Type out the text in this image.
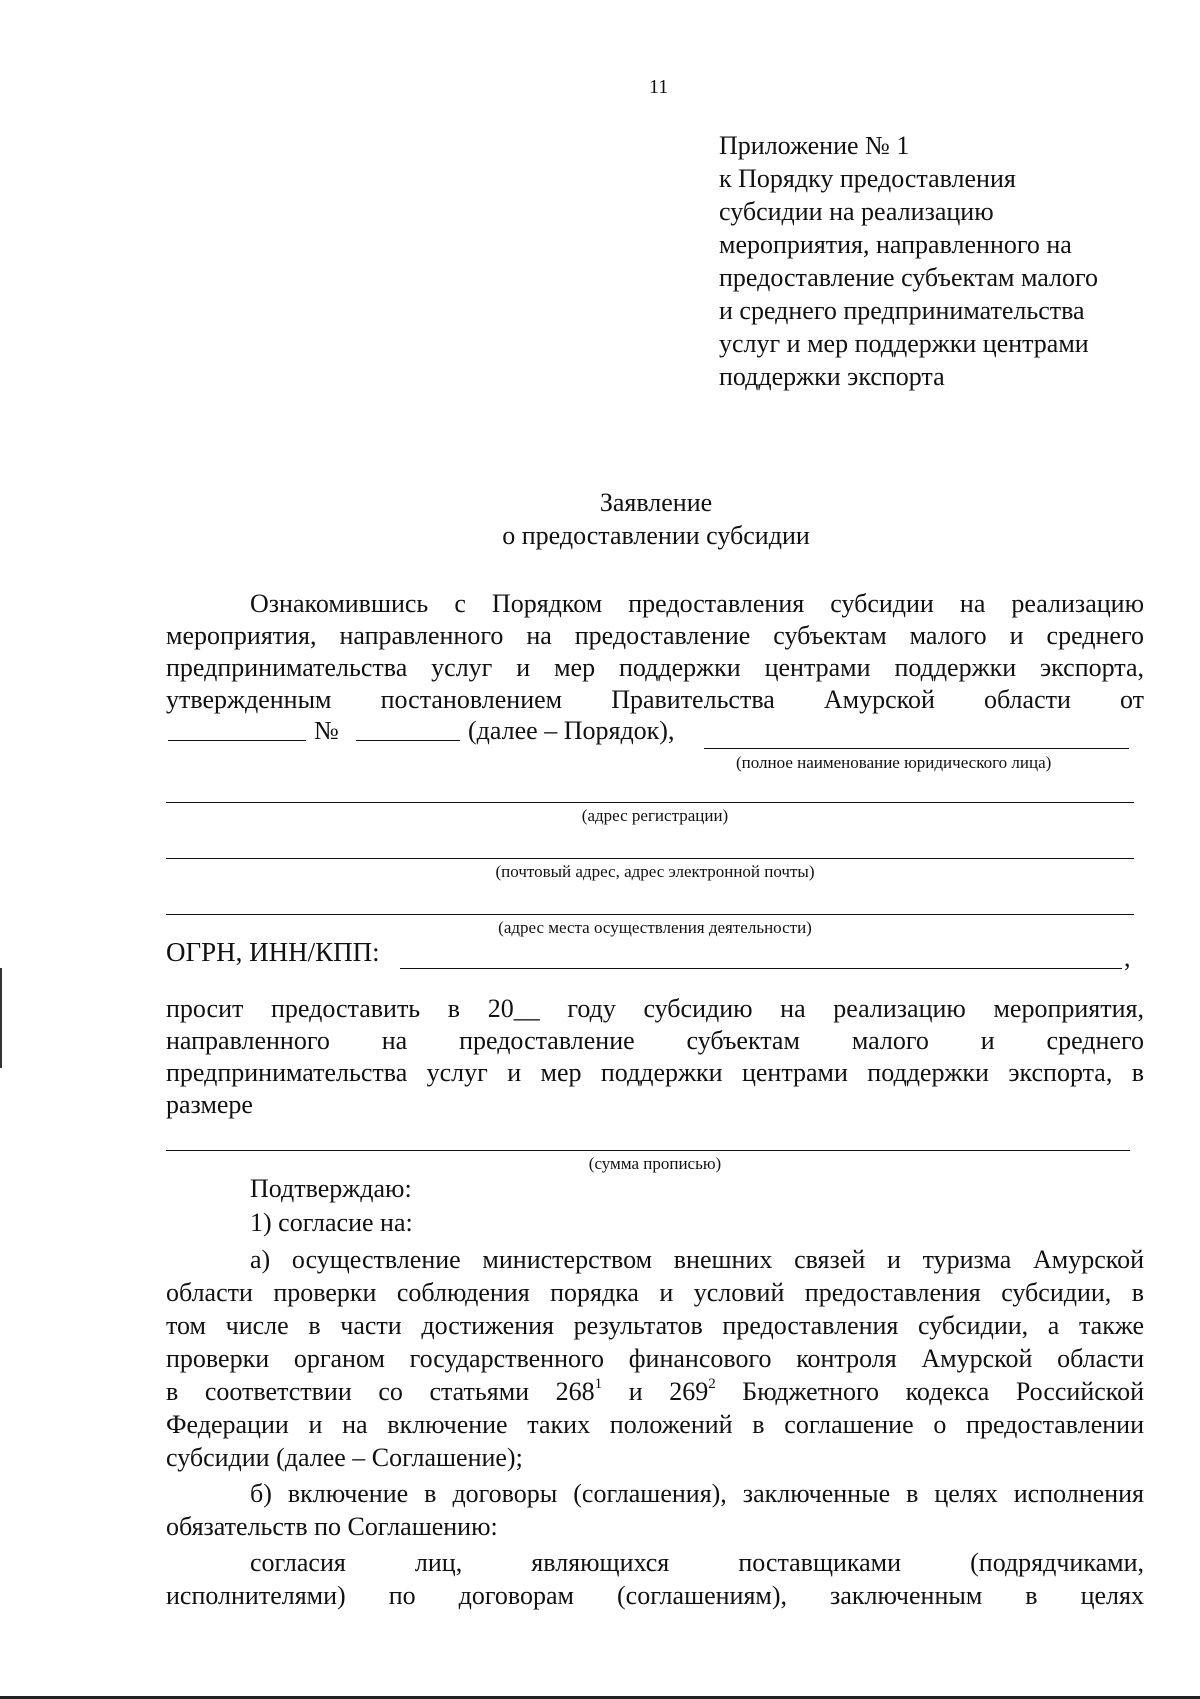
11
Приложение № 1
к Порядку предоставления
субсидии на реализацию
мероприятия, направленного на
предоставление субъектам малого
и среднего предпринимательства
услуг и мер поддержки центрами
поддержки экспорта
Заявление
о предоставлении субсидии
Ознакомившись с Порядком предоставления субсидии на реализацию
мероприятия, направленного на предоставление субъектам малого и среднего
предпринимательства услуг и мер поддержки центрами поддержки экспорта,
утвержденным постановлением Правительства Амурской области от
№	(далее – Порядок),
(полное наименование юридического лица)
(адрес регистрации)
(почтовый адрес, адрес электронной почты)
(адрес места осуществления деятельности)
ОГРН, ИНН/КПП:	,
просит предоставить в 20__ году субсидию на реализацию мероприятия,
направленного на предоставление субъектам малого и среднего
предпринимательства услуг и мер поддержки центрами поддержки экспорта, в
размере
(сумма прописью)
Подтверждаю:
1) согласие на:
а) осуществление министерством внешних связей и туризма Амурской
области проверки соблюдения порядка и условий предоставления субсидии, в
том числе в части достижения результатов предоставления субсидии, а также
проверки органом государственного финансового контроля Амурской области
в соответствии со статьями $268^1$ и $269^2$ Бюджетного кодекса Российской
Федерации и на включение таких положений в соглашение о предоставлении
субсидии (далее – Соглашение);
б) включение в договоры (соглашения), заключенные в целях исполнения
обязательств по Соглашению:
согласия лиц, являющихся поставщиками (подрядчиками,
исполнителями) по договорам (соглашениям), заключенным в целях
